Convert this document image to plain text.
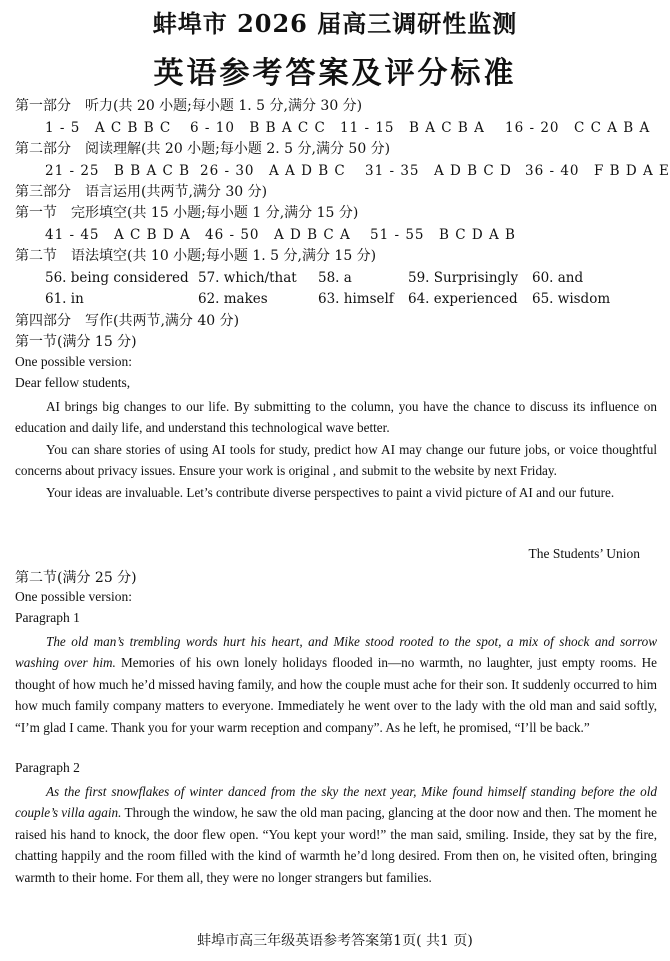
蚌埠市 2026 届高三调研性监测
英语参考答案及评分标准
第一部分　听力(共 20 小题;每小题 1. 5 分,满分 30 分)
1 - 5　 A C B B C 6 - 10　 B B A C C 11 - 15　 B A C B A 16 - 20　 C C A B A
第二部分　阅读理解(共 20 小题;每小题 2. 5 分,满分 50 分)
21 - 25　 B B A C B 26 - 30　 A A D B C 31 - 35　 A D B C D 36 - 40　 F B D A E
第三部分　语言运用(共两节,满分 30 分)
第一节　完形填空(共 15 小题;每小题 1 分,满分 15 分)
41 - 45　 A C B D A 46 - 50　 A D B C A 51 - 55　 B C D A B
第二节　语法填空(共 10 小题;每小题 1. 5 分,满分 15 分)
56. being considered 57. which/that 58. a	59. Surprisingly 60. and
61. in	62. makes	63. himself 64. experienced 65. wisdom
第四部分　写作(共两节,满分 40 分)
第一节(满分 15 分)
One possible version:
Dear fellow students,

AI brings big changes to our life. By submitting to the column, you have the chance to discuss its influence on education and daily life, and understand this technological wave better.

You can share stories of using AI tools for study, predict how AI may change our future jobs, or voice thoughtful concerns about privacy issues. Ensure your work is original , and submit to the website by next Friday.

Your ideas are invaluable. Let’s contribute diverse perspectives to paint a vivid picture of AI and our future.

The Students’ Union
第二节(满分 25 分)
One possible version:
Paragraph 1

The old man’s trembling words hurt his heart, and Mike stood rooted to the spot, a mix of shock and sorrow washing over him. Memories of his own lonely holidays flooded in—no warmth, no laughter, just empty rooms. He thought of how much he’d missed having family, and how the couple must ache for their son. It suddenly occurred to him how much family company matters to everyone. Immediately he went over to the lady with the old man and said softly, “I’m glad I came. Thank you for your warm reception and company”. As he left, he promised, “I’ll be back.”

Paragraph 2

As the first snowflakes of winter danced from the sky the next year, Mike found himself standing before the old couple’s villa again. Through the window, he saw the old man pacing, glancing at the door now and then. The moment he raised his hand to knock, the door flew open. “You kept your word!” the man said, smiling. Inside, they sat by the fire, chatting happily and the room filled with the kind of warmth he’d long desired. From then on, he visited often, bringing warmth to their home. For them all, they were no longer strangers but families.

蚌埠市高三年级英语参考答案第1页( 共1 页)
